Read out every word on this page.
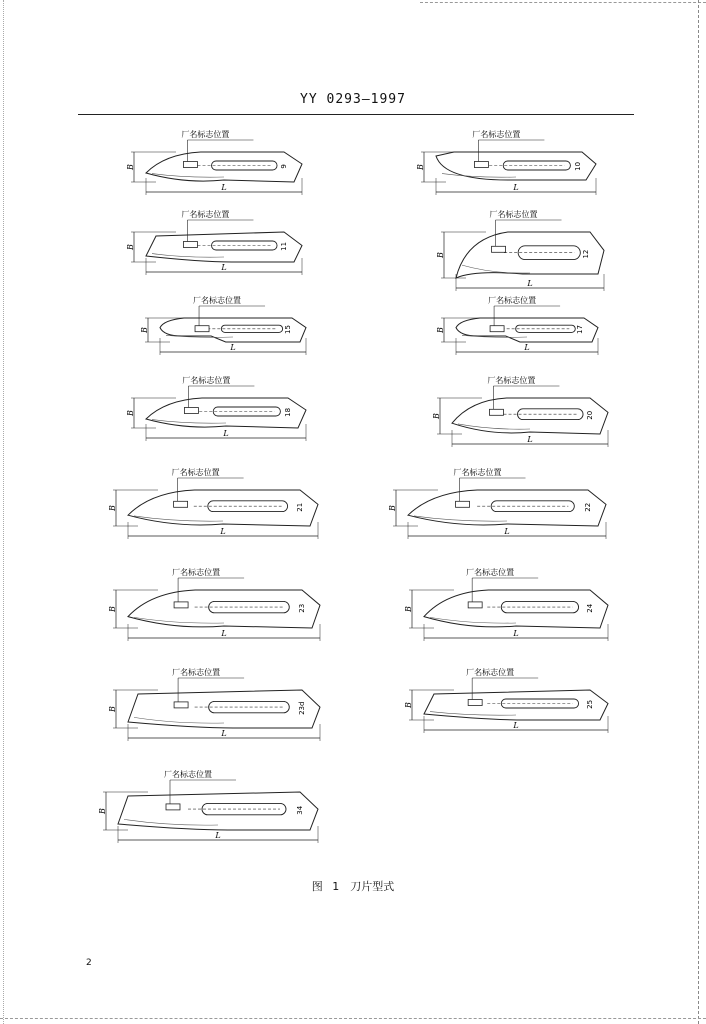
YY 0293—1997
厂名标志位置
9
L
B
厂名标志位置
10
L
B
厂名标志位置
11
L
B
厂名标志位置
12
L
B
厂名标志位置
15
L
B
厂名标志位置
17
L
B
厂名标志位置
18
L
B
厂名标志位置
20
L
B
厂名标志位置
21
L
B
厂名标志位置
22
L
B
厂名标志位置
23
L
B
厂名标志位置
24
L
B
厂名标志位置
23d
L
B
厂名标志位置
25
L
B
厂名标志位置
34
L
B
图 1　刀片型式
2
